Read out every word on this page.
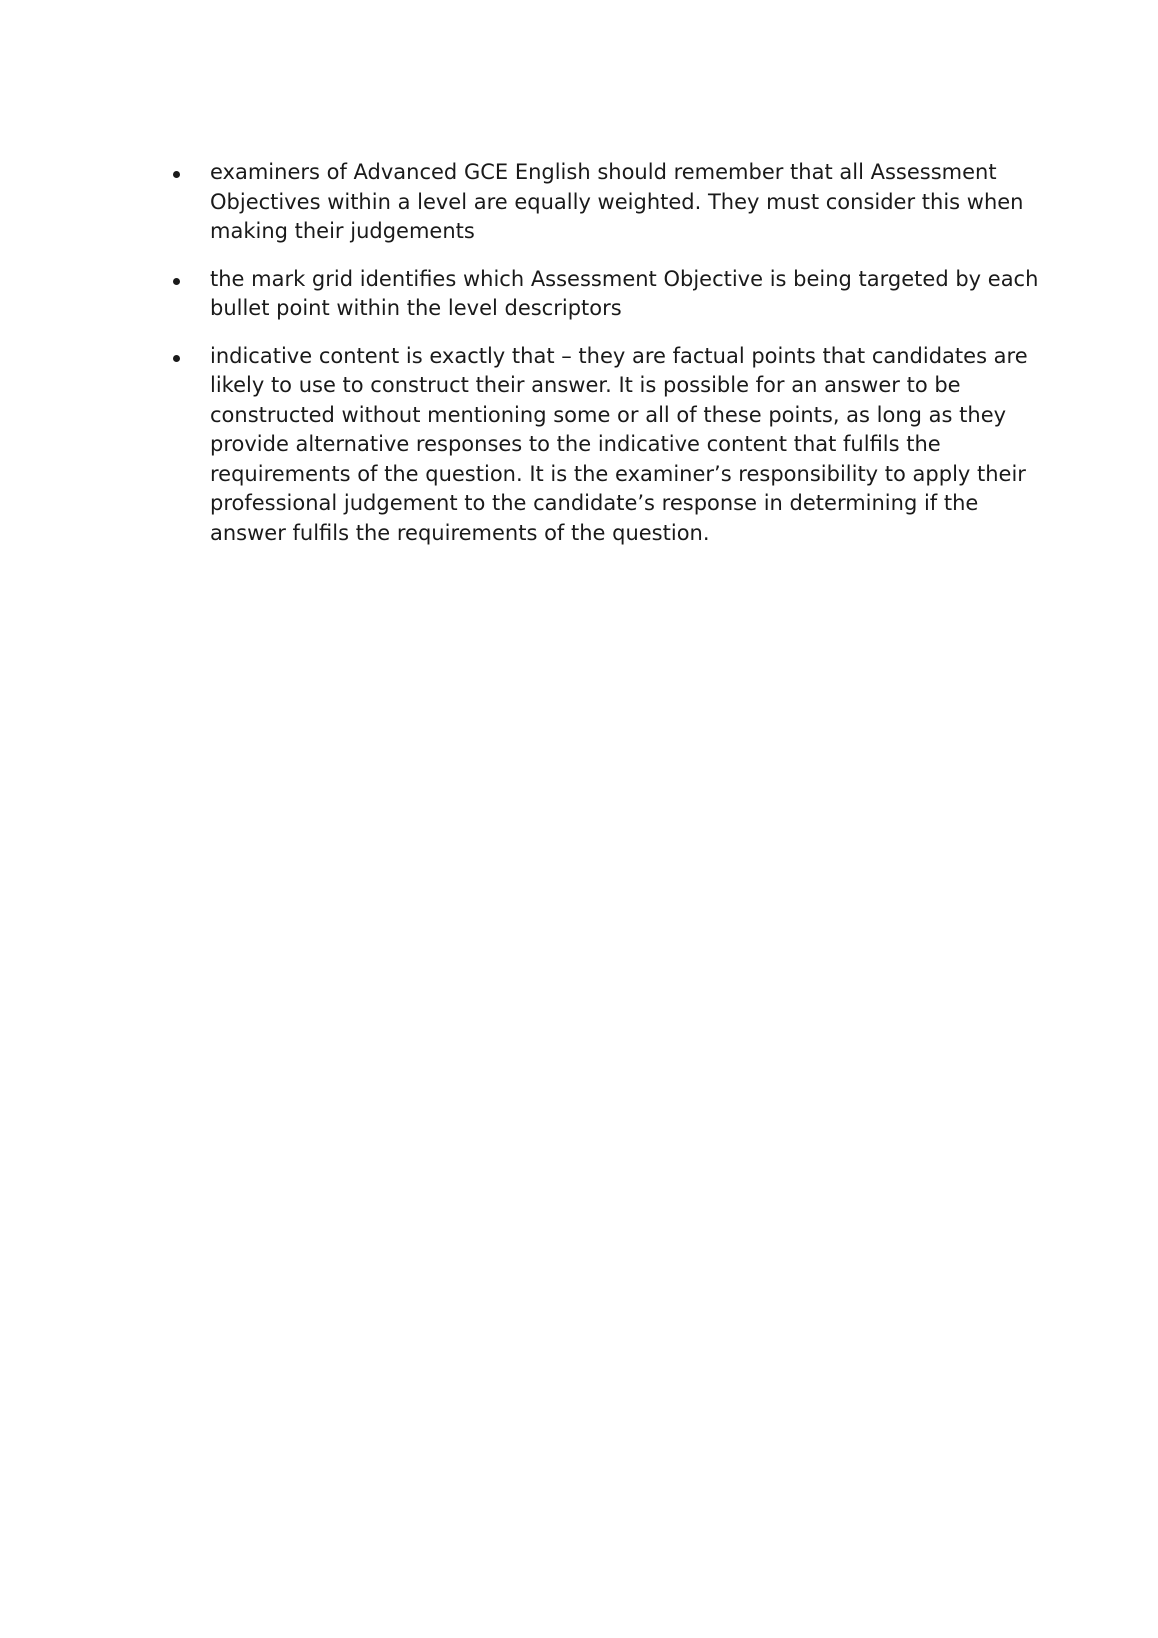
examiners of Advanced GCE English should remember that all Assessment Objectives within a level are equally weighted. They must consider this when making their judgements
the mark grid identifies which Assessment Objective is being targeted by each bullet point within the level descriptors
indicative content is exactly that – they are factual points that candidates are likely to use to construct their answer. It is possible for an answer to be constructed without mentioning some or all of these points, as long as they provide alternative responses to the indicative content that fulfils the requirements of the question. It is the examiner’s responsibility to apply their professional judgement to the candidate’s response in determining if the answer fulfils the requirements of the question.
